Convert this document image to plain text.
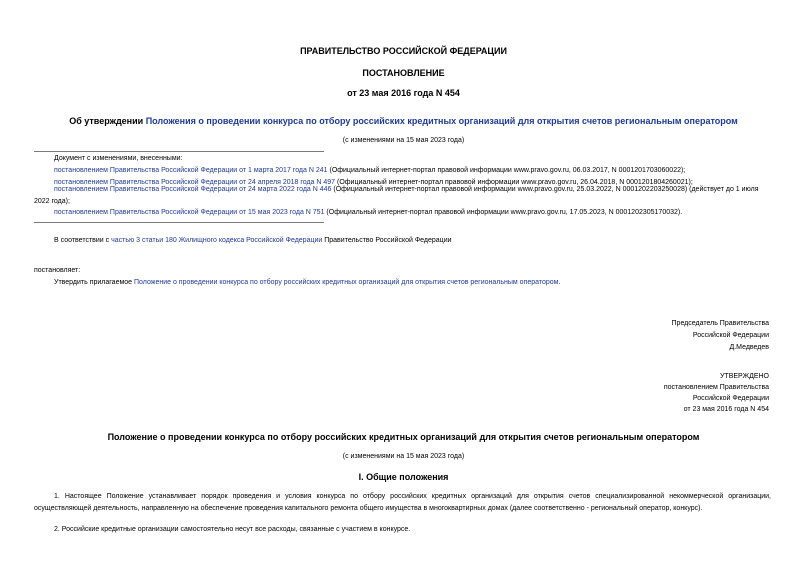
ПРАВИТЕЛЬСТВО РОССИЙСКОЙ ФЕДЕРАЦИИ
ПОСТАНОВЛЕНИЕ
от 23 мая 2016 года N 454
Об утверждении Положения о проведении конкурса по отбору российских кредитных организаций для открытия счетов региональным оператором
(с изменениями на 15 мая 2023 года)
Документ с изменениями, внесенными:
постановлением Правительства Российской Федерации от 1 марта 2017 года N 241 (Официальный интернет-портал правовой информации www.pravo.gov.ru, 06.03.2017, N 0001201703060022);
постановлением Правительства Российской Федерации от 24 апреля 2018 года N 497 (Официальный интернет-портал правовой информации www.pravo.gov.ru, 26.04.2018, N 0001201804260021);
постановлением Правительства Российской Федерации от 24 марта 2022 года N 446 (Официальный интернет-портал правовой информации www.pravo.gov.ru, 25.03.2022, N 0001202203250028) (действует до 1 июля 2022 года);
постановлением Правительства Российской Федерации от 15 мая 2023 года N 751 (Официальный интернет-портал правовой информации www.pravo.gov.ru, 17.05.2023, N 0001202305170032).
В соответствии с частью 3 статьи 180 Жилищного кодекса Российской Федерации Правительство Российской Федерации
постановляет:
Утвердить прилагаемое Положение о проведении конкурса по отбору российских кредитных организаций для открытия счетов региональным оператором.
Председатель Правительства
Российской Федерации
Д.Медведев
УТВЕРЖДЕНО
постановлением Правительства
Российской Федерации
от 23 мая 2016 года N 454
Положение о проведении конкурса по отбору российских кредитных организаций для открытия счетов региональным оператором
(с изменениями на 15 мая 2023 года)
I. Общие положения
1. Настоящее Положение устанавливает порядок проведения и условия конкурса по отбору российских кредитных организаций для открытия счетов специализированной некоммерческой организации, осуществляющей деятельность, направленную на обеспечение проведения капитального ремонта общего имущества в многоквартирных домах (далее соответственно - региональный оператор, конкурс).
2. Российские кредитные организации самостоятельно несут все расходы, связанные с участием в конкурсе.
